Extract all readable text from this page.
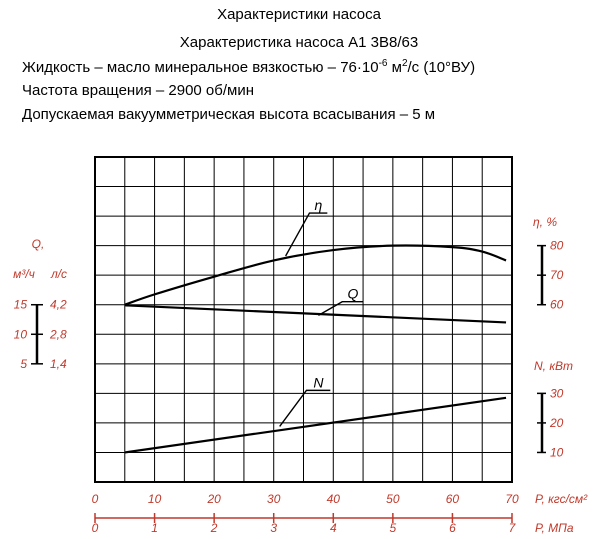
Характеристики насоса
Характеристика насоса А1 3В8/63
Жидкость – масло минеральное вязкостью – $76\cdot 10^{-6}$ $м^2/с$ (10°ВУ)
Частота вращения – 2900 об/мин
Допускаемая вакуумметрическая высота всасывания – 5 м
η
Q
N
0	10	20	30	40	50	60	70
0	1	2	3	4	5	6	7
P, кгс/см²
P, МПа
Q,
м³/ч л/с
15 4,2
10 2,8
5 1,4
η, %
80
70
60
N, кВт
30
20
10
